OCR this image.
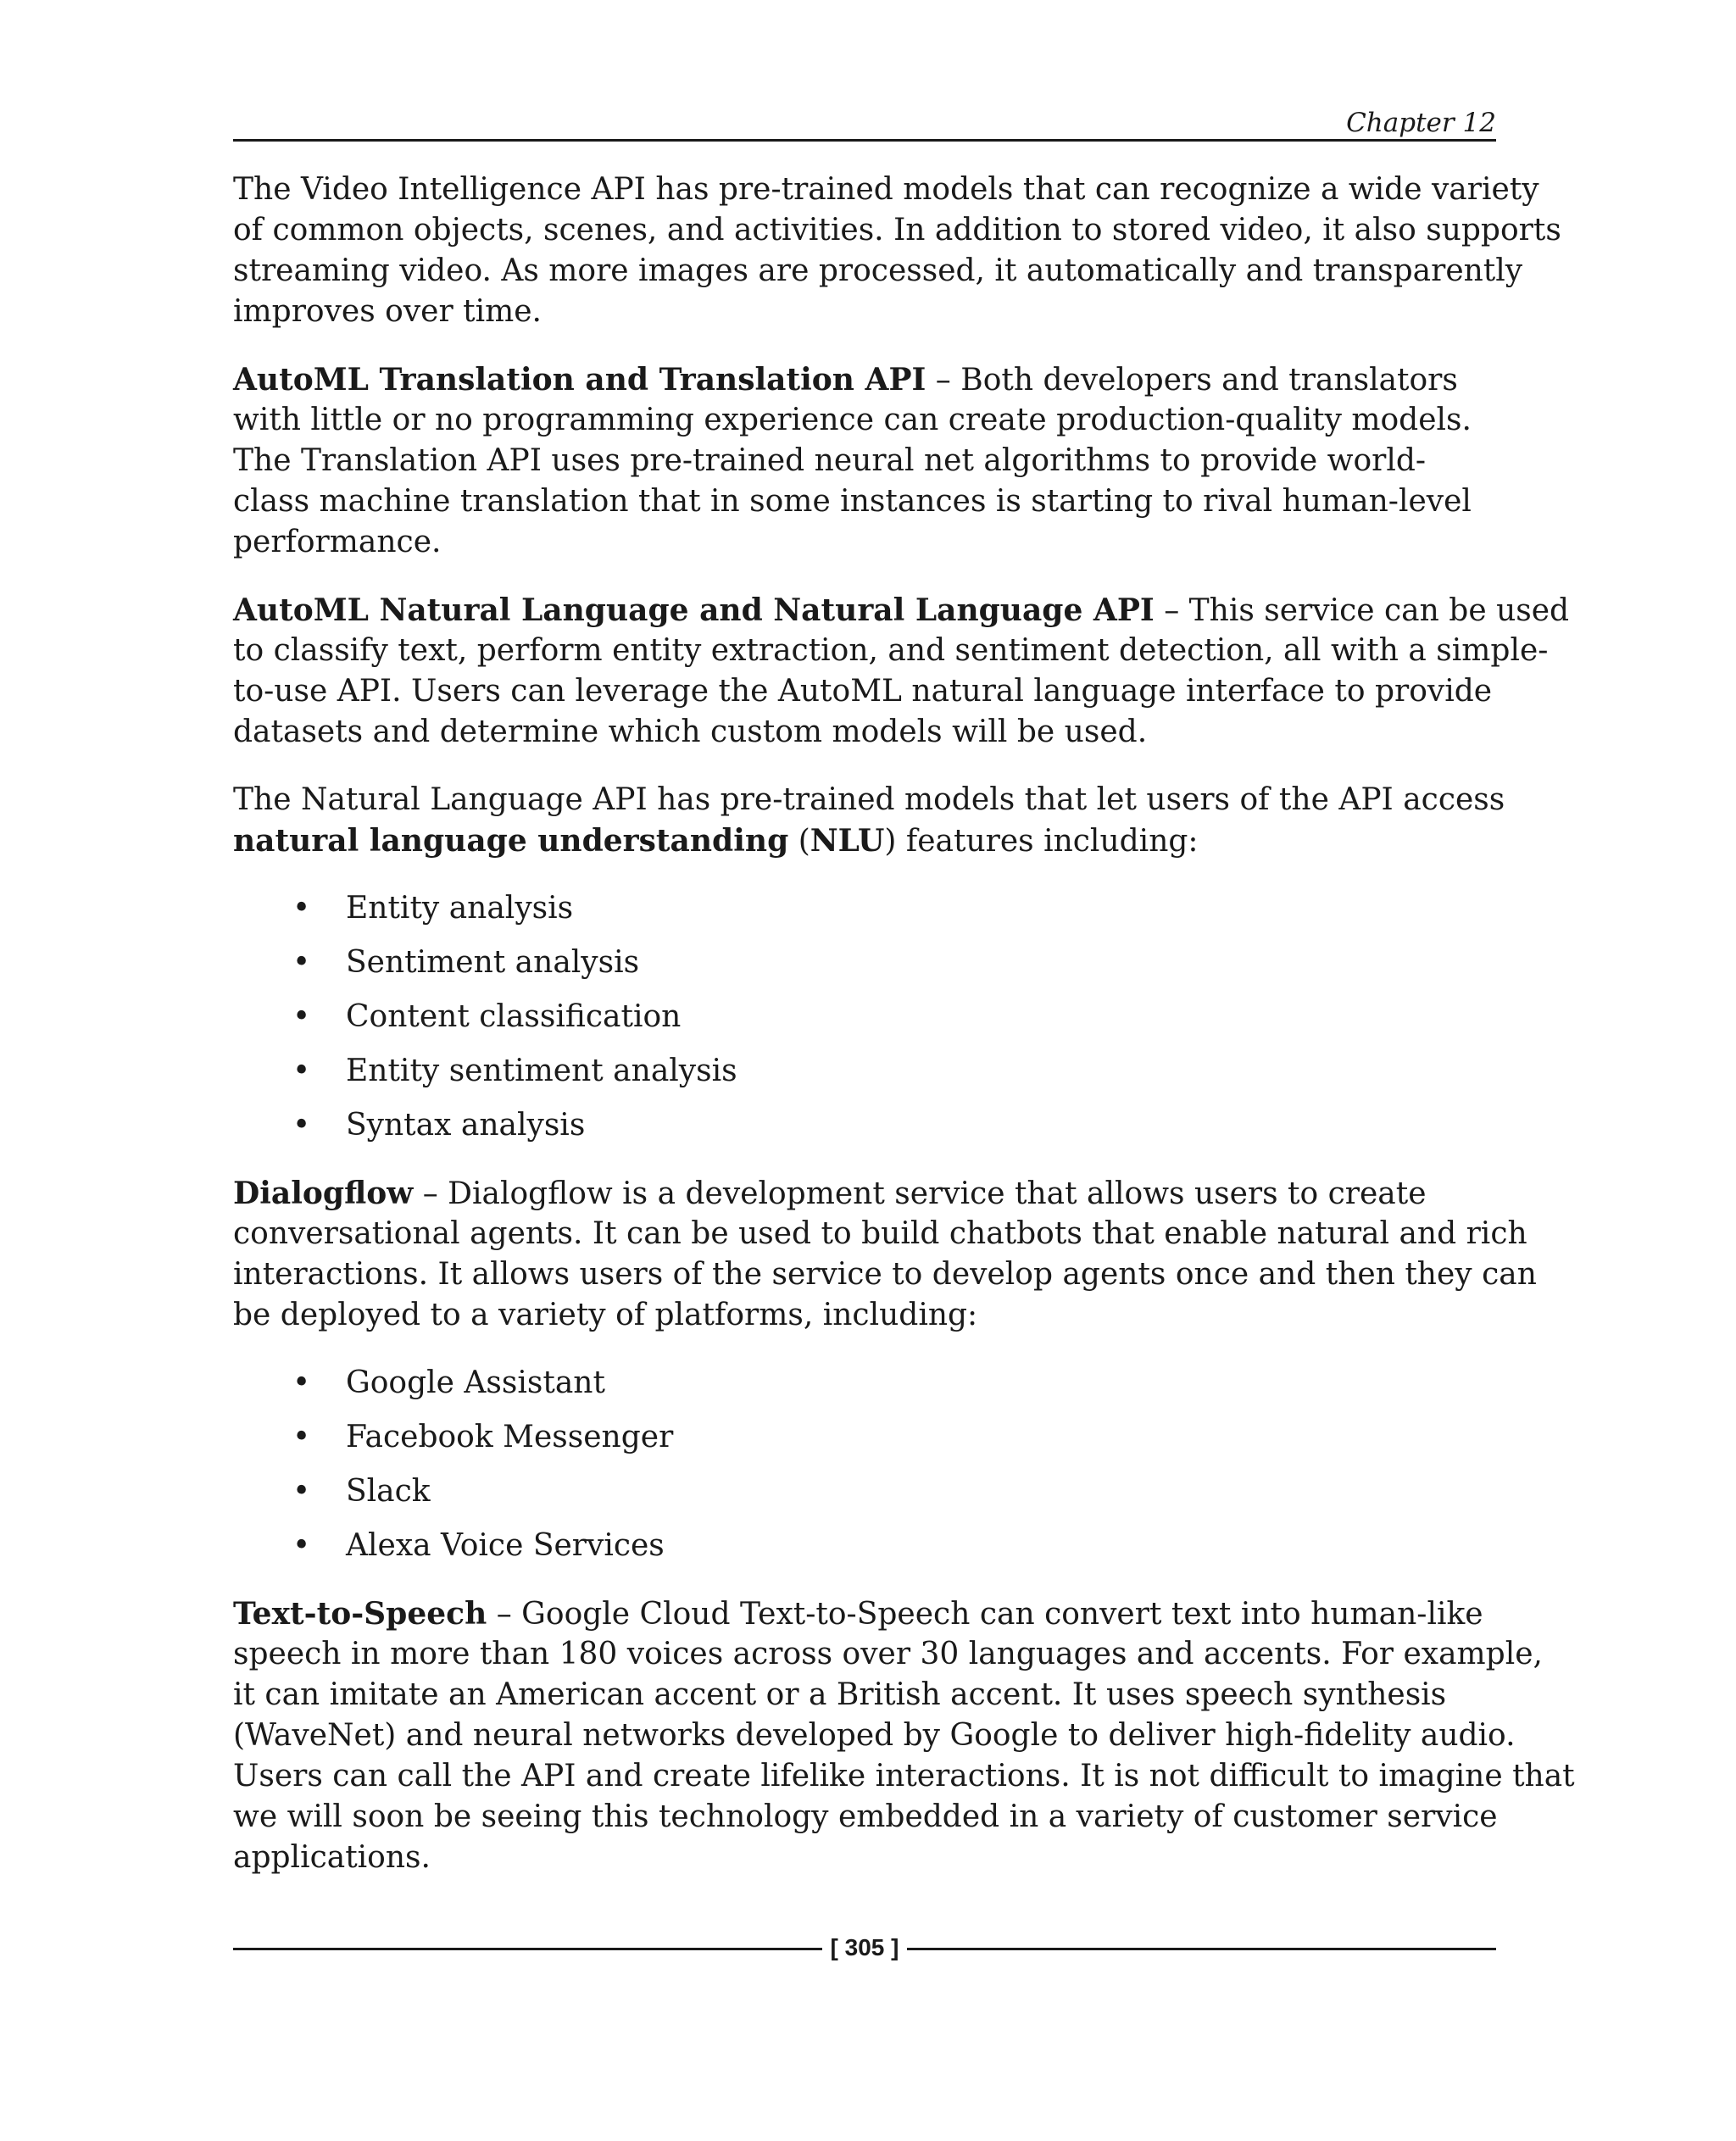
Chapter 12

The Video Intelligence API has pre-trained models that can recognize a wide variety
of common objects, scenes, and activities. In addition to stored video, it also supports
streaming video. As more images are processed, it automatically and transparently
improves over time.

AutoML Translation and Translation API – Both developers and translators
with little or no programming experience can create production-quality models.
The Translation API uses pre-trained neural net algorithms to provide world-
class machine translation that in some instances is starting to rival human-level
performance.

AutoML Natural Language and Natural Language API – This service can be used
to classify text, perform entity extraction, and sentiment detection, all with a simple-
to-use API. Users can leverage the AutoML natural language interface to provide
datasets and determine which custom models will be used.

The Natural Language API has pre-trained models that let users of the API access
natural language understanding (NLU) features including:

• Entity analysis
• Sentiment analysis
• Content classification
• Entity sentiment analysis
• Syntax analysis

Dialogflow – Dialogflow is a development service that allows users to create
conversational agents. It can be used to build chatbots that enable natural and rich
interactions. It allows users of the service to develop agents once and then they can
be deployed to a variety of platforms, including:

• Google Assistant
• Facebook Messenger
• Slack
• Alexa Voice Services

Text-to-Speech – Google Cloud Text-to-Speech can convert text into human-like
speech in more than 180 voices across over 30 languages and accents. For example,
it can imitate an American accent or a British accent. It uses speech synthesis
(WaveNet) and neural networks developed by Google to deliver high-fidelity audio.
Users can call the API and create lifelike interactions. It is not difficult to imagine that
we will soon be seeing this technology embedded in a variety of customer service
applications.

[ 305 ]
